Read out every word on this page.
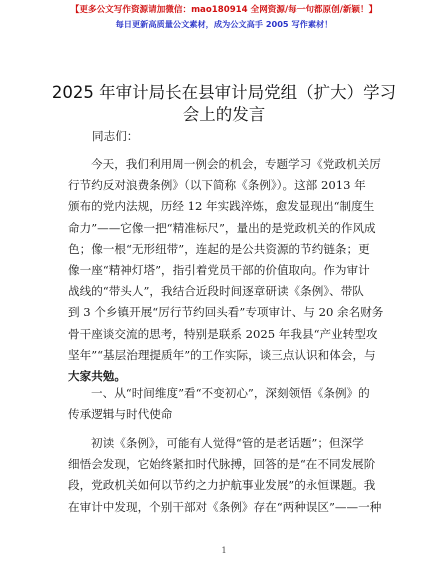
【更多公文写作资源请加微信：mao180914 全网资源/每一句都原创/新颖！】
每日更新高质量公文素材，成为公文高手 2005 写作素材！
2025 年审计局长在县审计局党组（扩大）学习
会上的发言
同志们：
今天，我们利用周一例会的机会，专题学习《党政机关厉
行节约反对浪费条例》（以下简称《条例》）。这部 2013 年
颁布的党内法规，历经 12 年实践淬炼，愈发显现出“制度生
命力”——它像一把“精准标尺”，量出的是党政机关的作风成
色；像一根“无形纽带”，连起的是公共资源的节约链条；更
像一座“精神灯塔”，指引着党员干部的价值取向。作为审计
战线的“带头人”，我结合近段时间逐章研读《条例》、带队
到 3 个乡镇开展“厉行节约回头看”专项审计、与 20 余名财务
骨干座谈交流的思考，特别是联系 2025 年我县“产业转型攻
坚年”“基层治理提质年”的工作实际，谈三点认识和体会，与
大家共勉。
一、从“时间维度”看“不变初心”，深刻领悟《条例》的
传承逻辑与时代使命
初读《条例》，可能有人觉得“管的是老话题”；但深学
细悟会发现，它始终紧扣时代脉搏，回答的是“在不同发展阶
段，党政机关如何以节约之力护航事业发展”的永恒课题。我
在审计中发现，个别干部对《条例》存在“两种误区”——一种
1
